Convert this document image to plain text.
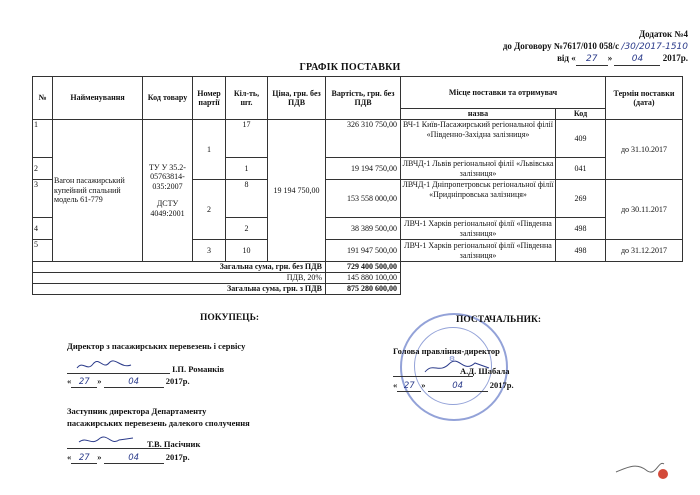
Додаток №4
до Договору №7617/010 058/с /30/2017-1510
від « 27 » 04 2017р.
ГРАФІК ПОСТАВКИ
№	Найменування	Код товару	Номер партії	Кіл-ть, шт.	Ціна, грн. без ПДВ	Вартість, грн. без ПДВ	Місце поставки та отримувач		Термін поставки (дата)
							назва	Код	
1	Вагон пасажирський купейний спальний модель 61-779	ТУ У 35.2-05763814-035:2007
ДСТУ 4049:2001	1	17	19 194 750,00	326 310 750,00	ВЧ-1 Київ-Пасажирський регіональної філії «Південно-Західна залізниця»	409	до 31.10.2017
2				1		19 194 750,00	ЛВЧД-1 Львів регіональної філії «Львівська залізниця»	041	
3			2	8		153 558 000,00	ЛВЧД-1 Дніпропетровськ регіональної філії «Придніпровська залізниця»	269	до 30.11.2017
4				2		38 389 500,00	ЛВЧ-1 Харків регіональної філії «Південна залізниця»	498	
5			3	10		191 947 500,00	ЛВЧ-1 Харків регіональної філії «Південна залізниця»	498	до 31.12.2017
Загальна сума, грн. без ПДВ						729 400 500,00			
ПДВ, 20%						145 880 100,00			
Загальна сума, грн. з ПДВ						875 280 600,00			
ПОКУПЕЦЬ:
Директор з пасажирських перевезень і сервісу
І.П. Романків
« 27 »	04	2017р.
Заступник директора Департаменту
пасажирських перевезень далекого сполучення
Т.В. Пасічник
« 27 »	04	2017р.
⚙
ПОСТАЧАЛЬНИК:
Голова правління-директор
А.Д. Шабала
« 27 »	04	2017р.
